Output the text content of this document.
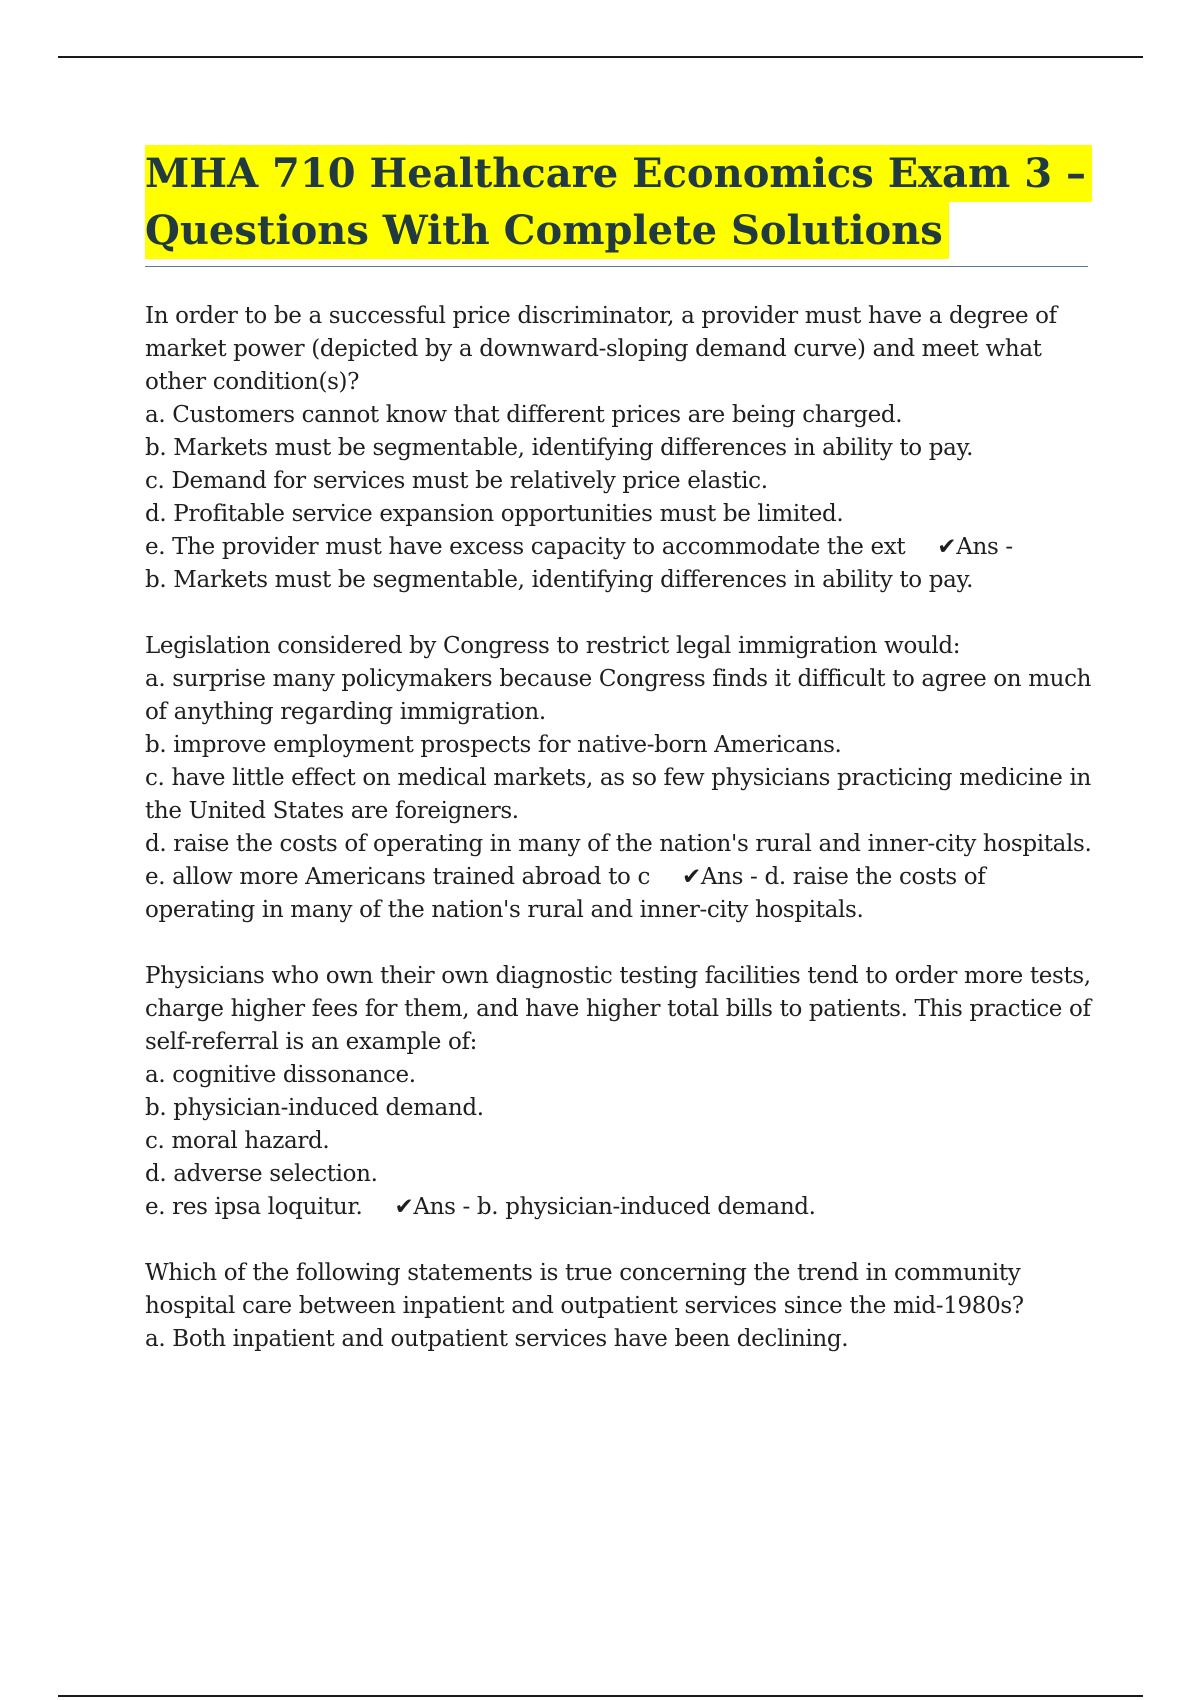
MHA 710 Healthcare Economics Exam 3 –
Questions With Complete Solutions

In order to be a successful price discriminator, a provider must have a degree of market power (depicted by a downward-sloping demand curve) and meet what other condition(s)?

a. Customers cannot know that different prices are being charged.

b. Markets must be segmentable, identifying differences in ability to pay.

c. Demand for services must be relatively price elastic.

d. Profitable service expansion opportunities must be limited.

e. The provider must have excess capacity to accommodate the ext ✔Ans -

b. Markets must be segmentable, identifying differences in ability to pay.

Legislation considered by Congress to restrict legal immigration would:

a. surprise many policymakers because Congress finds it difficult to agree on much of anything regarding immigration.

b. improve employment prospects for native-born Americans.

c. have little effect on medical markets, as so few physicians practicing medicine in the United States are foreigners.

d. raise the costs of operating in many of the nation's rural and inner-city hospitals.

e. allow more Americans trained abroad to c ✔Ans - d. raise the costs of operating in many of the nation's rural and inner-city hospitals.

Physicians who own their own diagnostic testing facilities tend to order more tests, charge higher fees for them, and have higher total bills to patients. This practice of self-referral is an example of:

a. cognitive dissonance.

b. physician-induced demand.

c. moral hazard.

d. adverse selection.

e. res ipsa loquitur. ✔Ans - b. physician-induced demand.

Which of the following statements is true concerning the trend in community hospital care between inpatient and outpatient services since the mid-1980s?

a. Both inpatient and outpatient services have been declining.
